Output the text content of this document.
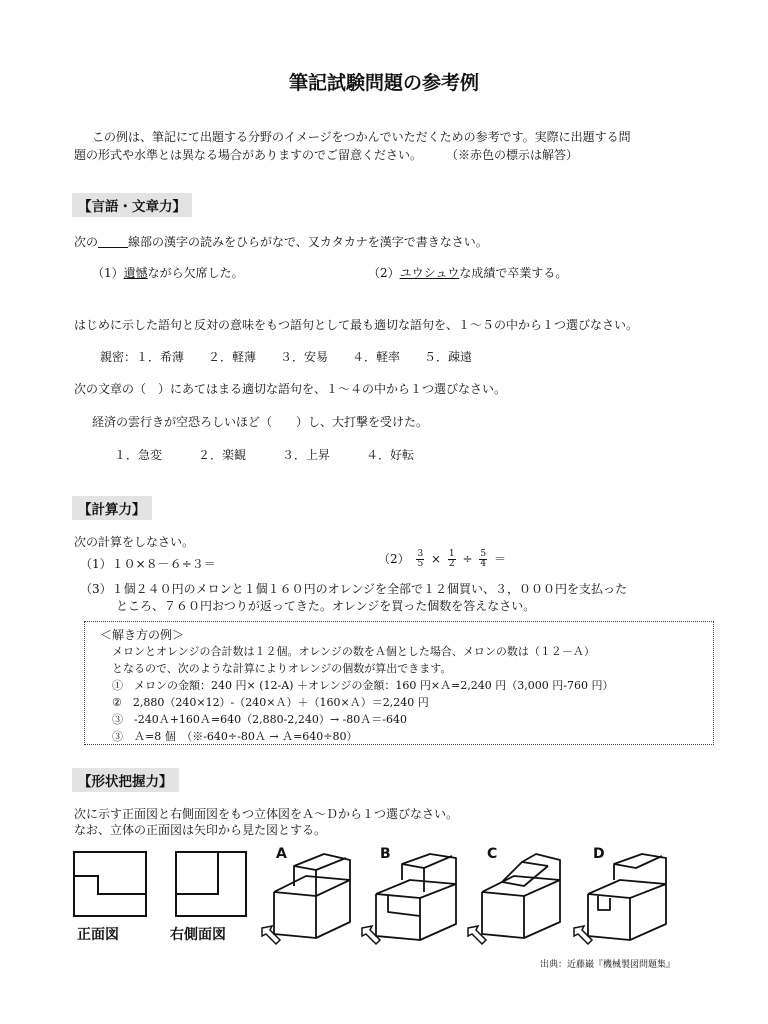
筆記試験問題の参考例
この例は、筆記にて出題する分野のイメージをつかんでいただくための参考です。実際に出題する問
題の形式や水準とは異なる場合がありますのでご留意ください。 （※赤色の標示は解答）
【言語・文章力】
次の	線部の漢字の読みをひらがなで、又カタカナを漢字で書きなさい。
（1）遺憾ながら欠席した。	（2）ユウシュウな成績で卒業する。
はじめに示した語句と反対の意味をもつ語句として最も適切な語句を、１～５の中から１つ選びなさい。
親密：１．希薄　　２．軽薄　　３．安易　　４．軽率　　５．疎遠
次の文章の（　）にあてはまる適切な語句を、１～４の中から１つ選びなさい。
経済の雲行きが空恐ろしいほど（　　）し、大打撃を受けた。
１．急変　　　２．楽観　　　３．上昇　　　４．好転
【計算力】
次の計算をしなさい。
（1）１０×８－６÷３＝	$(2) \frac{3}{5} \times \frac{1}{2} \div \frac{5}{4}$ ＝
（3）１個２４０円のメロンと１個１６０円のオレンジを全部で１２個買い、３，０００円を支払った
ところ、７６０円おつりが返ってきた。オレンジを買った個数を答えなさい。
＜解き方の例＞
メロンとオレンジの合計数は１２個。オレンジの数をＡ個とした場合、メロンの数は（１２－Ａ）
となるので、次のような計算によりオレンジの個数が算出できます。
①　メロンの金額：240 円× (12-A) ＋オレンジの金額：160 円×Ａ=2,240 円（3,000 円-760 円）
②　2,880（240×12）-（240×Ａ）＋（160×Ａ）＝2,240 円
③　-240Ａ+160Ａ=640（2,880-2,240）→ -80Ａ＝-640
③　Ａ=8 個　（※-640÷-80Ａ → Ａ=640÷80）
【形状把握力】
次に示す正面図と右側面図をもつ立体図をＡ～Ｄから１つ選びなさい。
なお、立体の正面図は矢印から見た図とする。
正面図	右側面図
A	B	C	D
出典：近藤巌『機械製図問題集』
